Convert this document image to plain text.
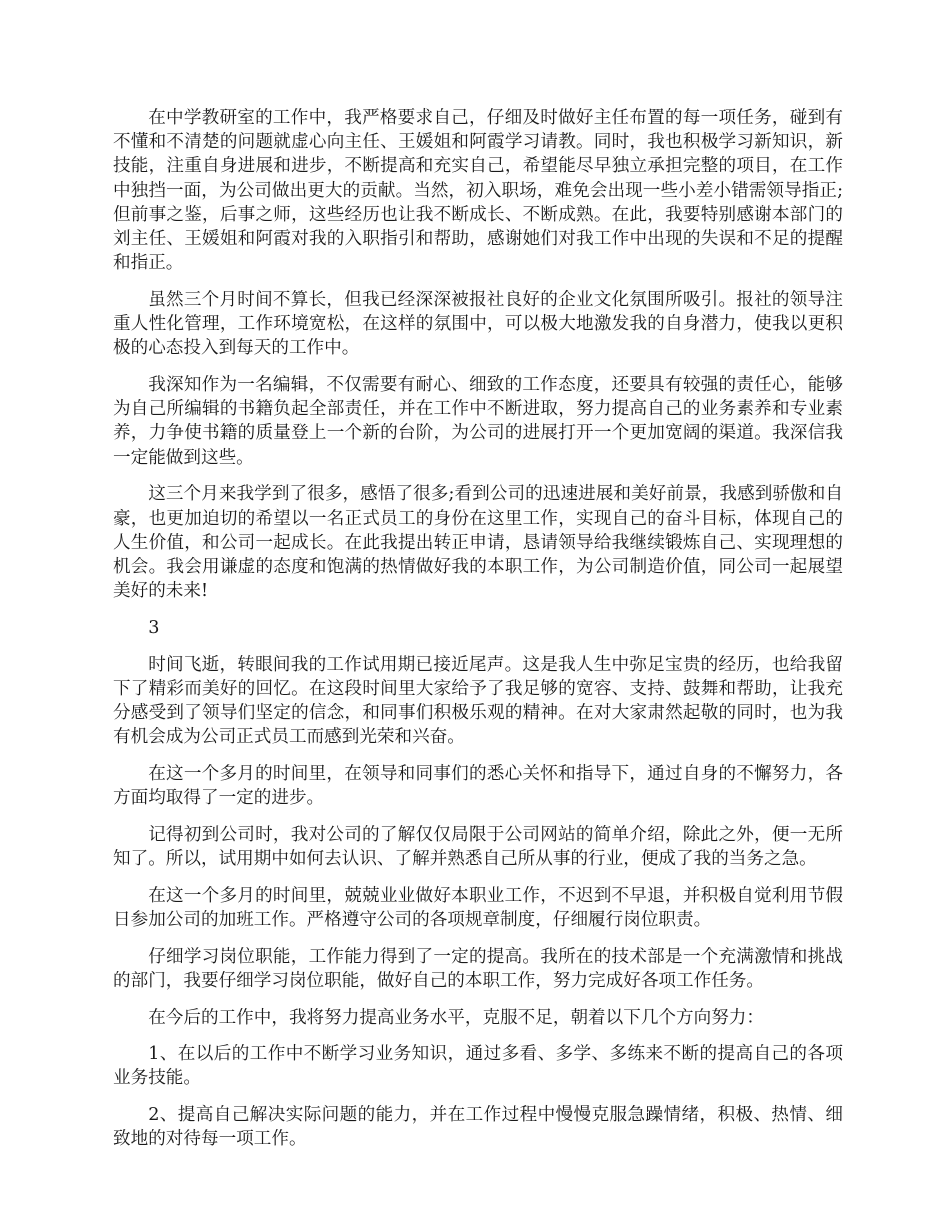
在中学教研室的工作中，我严格要求自己，仔细及时做好主任布置的每一项任务，碰到有不懂和不清楚的问题就虚心向主任、王媛姐和阿霞学习请教。同时，我也积极学习新知识，新技能，注重自身进展和进步，不断提高和充实自己，希望能尽早独立承担完整的项目，在工作中独挡一面，为公司做出更大的贡献。当然，初入职场，难免会出现一些小差小错需领导指正;但前事之鉴，后事之师，这些经历也让我不断成长、不断成熟。在此，我要特别感谢本部门的刘主任、王媛姐和阿霞对我的入职指引和帮助，感谢她们对我工作中出现的失误和不足的提醒和指正。

虽然三个月时间不算长，但我已经深深被报社良好的企业文化氛围所吸引。报社的领导注重人性化管理，工作环境宽松，在这样的氛围中，可以极大地激发我的自身潜力，使我以更积极的心态投入到每天的工作中。

我深知作为一名编辑，不仅需要有耐心、细致的工作态度，还要具有较强的责任心，能够为自己所编辑的书籍负起全部责任，并在工作中不断进取，努力提高自己的业务素养和专业素养，力争使书籍的质量登上一个新的台阶，为公司的进展打开一个更加宽阔的渠道。我深信我一定能做到这些。

这三个月来我学到了很多，感悟了很多;看到公司的迅速进展和美好前景，我感到骄傲和自豪，也更加迫切的希望以一名正式员工的身份在这里工作，实现自己的奋斗目标，体现自己的人生价值，和公司一起成长。在此我提出转正申请，恳请领导给我继续锻炼自己、实现理想的机会。我会用谦虚的态度和饱满的热情做好我的本职工作，为公司制造价值，同公司一起展望美好的未来!

3

时间飞逝，转眼间我的工作试用期已接近尾声。这是我人生中弥足宝贵的经历，也给我留下了精彩而美好的回忆。在这段时间里大家给予了我足够的宽容、支持、鼓舞和帮助，让我充分感受到了领导们坚定的信念，和同事们积极乐观的精神。在对大家肃然起敬的同时，也为我有机会成为公司正式员工而感到光荣和兴奋。

在这一个多月的时间里，在领导和同事们的悉心关怀和指导下，通过自身的不懈努力，各方面均取得了一定的进步。

记得初到公司时，我对公司的了解仅仅局限于公司网站的简单介绍，除此之外，便一无所知了。所以，试用期中如何去认识、了解并熟悉自己所从事的行业，便成了我的当务之急。

在这一个多月的时间里，兢兢业业做好本职业工作，不迟到不早退，并积极自觉利用节假日参加公司的加班工作。严格遵守公司的各项规章制度，仔细履行岗位职责。

仔细学习岗位职能，工作能力得到了一定的提高。我所在的技术部是一个充满激情和挑战的部门，我要仔细学习岗位职能，做好自己的本职工作，努力完成好各项工作任务。

在今后的工作中，我将努力提高业务水平，克服不足，朝着以下几个方向努力：

1、在以后的工作中不断学习业务知识，通过多看、多学、多练来不断的提高自己的各项业务技能。

2、提高自己解决实际问题的能力，并在工作过程中慢慢克服急躁情绪，积极、热情、细致地的对待每一项工作。
